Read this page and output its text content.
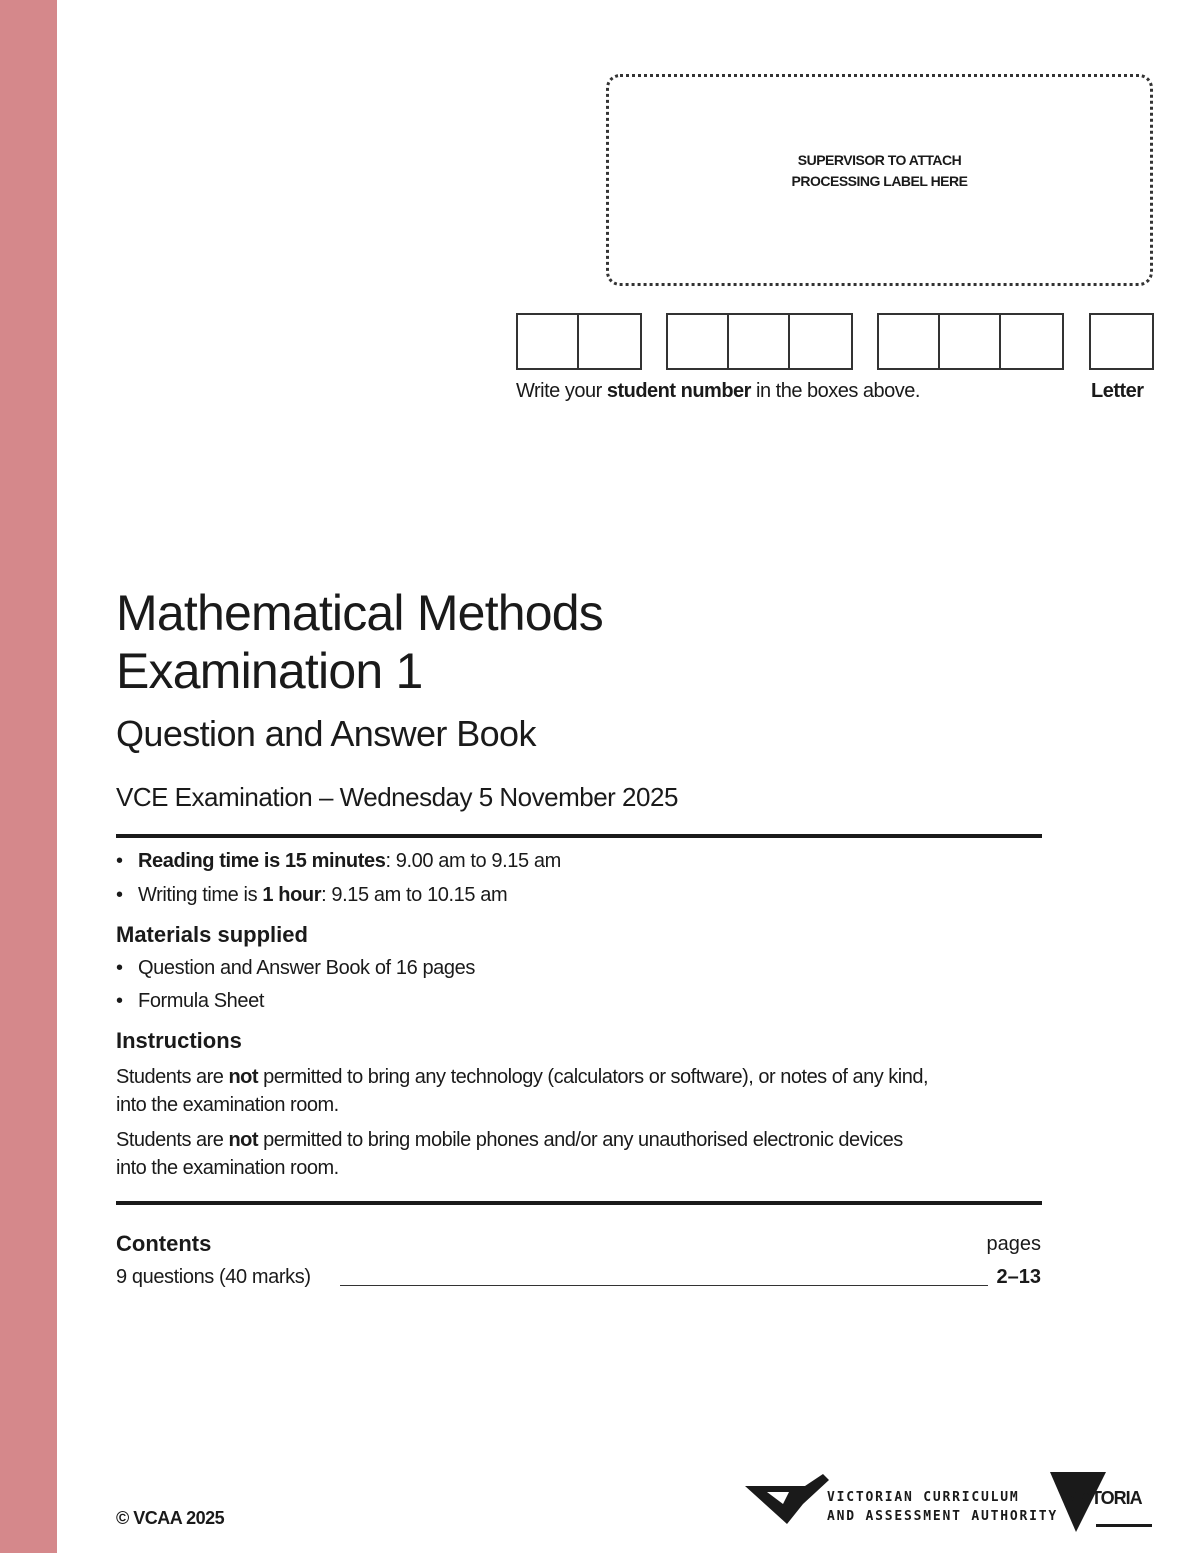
SUPERVISOR TO ATTACH
PROCESSING LABEL HERE
Write your student number in the boxes above.	Letter
Mathematical Methods
Examination 1
Question and Answer Book
VCE Examination – Wednesday 5 November 2025
• Reading time is 15 minutes: 9.00 am to 9.15 am
• Writing time is 1 hour: 9.15 am to 10.15 am
Materials supplied
• Question and Answer Book of 16 pages
• Formula Sheet
Instructions
Students are not permitted to bring any technology (calculators or software), or notes of any kind,
into the examination room.
Students are not permitted to bring mobile phones and/or any unauthorised electronic devices
into the examination room.
Contents	pages
9 questions (40 marks)	2–13
© VCAA 2025
VICTORIAN CURRICULUM
AND ASSESSMENT AUTHORITY
VICTORIA
